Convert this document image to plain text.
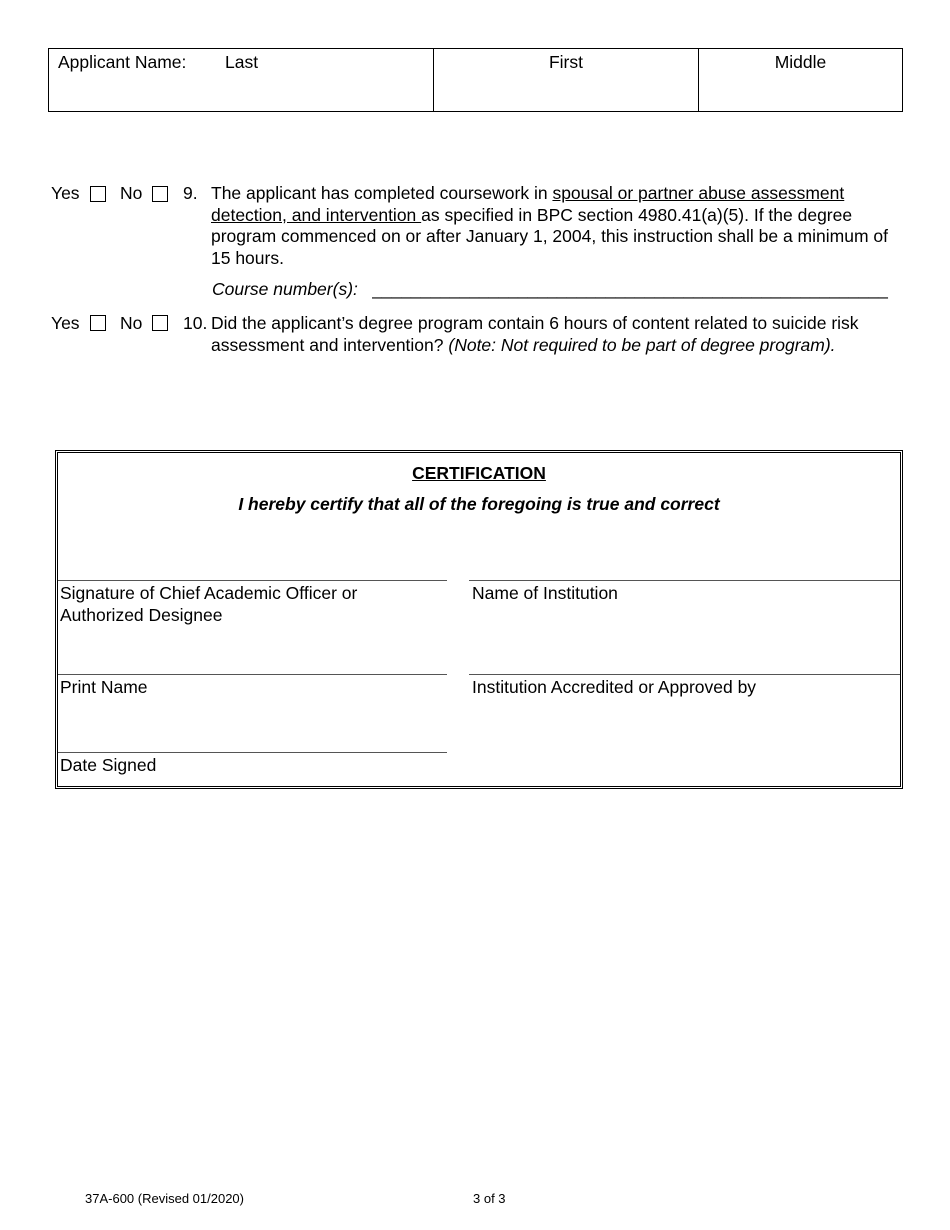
Applicant Name: Last	First	Middle
Yes No 9. The applicant has completed coursework in spousal or partner abuse assessment detection, and intervention as specified in BPC section 4980.41(a)(5). If the degree program commenced on or after January 1, 2004, this instruction shall be a minimum of 15 hours.
Course number(s): _____________________________________________________
Yes No 10. Did the applicant’s degree program contain 6 hours of content related to suicide risk assessment and intervention? (Note: Not required to be part of degree program).
CERTIFICATION
I hereby certify that all of the foregoing is true and correct
Signature of Chief Academic Officer or Authorized Designee
Name of Institution
Print Name	Institution Accredited or Approved by
Date Signed
37A-600 (Revised 01/2020)	3 of 3
